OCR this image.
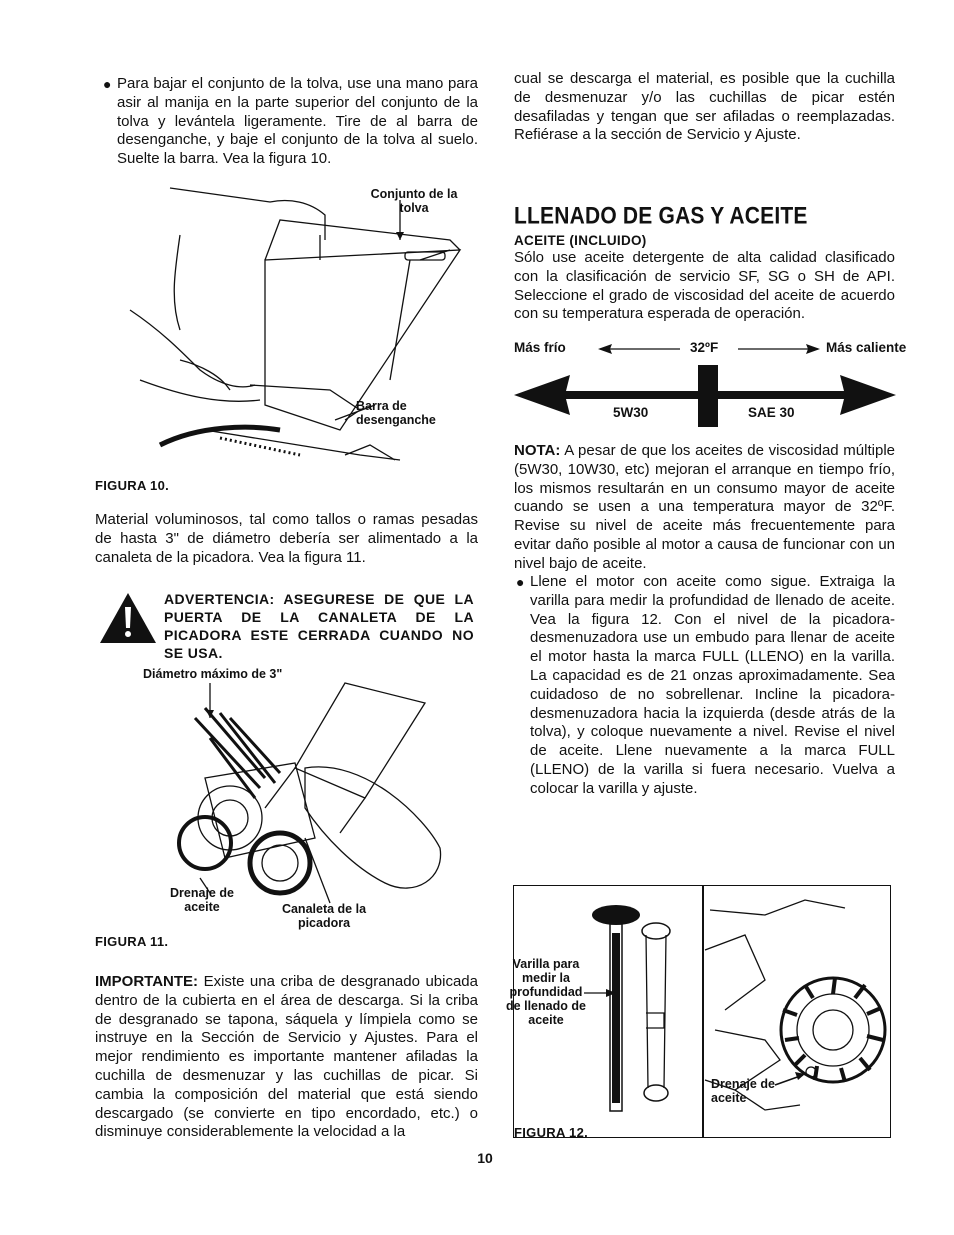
● Para bajar el conjunto de la tolva, use una mano para asir al manija en la parte superior del conjunto de la tolva y levántela ligeramente. Tire de al barra de desenganche, y baje el conjunto de la tolva al suelo. Suelte la barra. Vea la figura 10.
Conjunto de la tolva
Barra de desenganche
FIGURA 10.
Material voluminosos, tal como tallos o ramas pesadas de hasta 3" de diámetro debería ser alimentado a la canaleta de la picadora. Vea la figura 11.
ADVERTENCIA: ASEGURESE DE QUE LA PUERTA DE LA CANALETA DE LA PICADORA ESTE CERRADA CUANDO NO SE USA.
Diámetro máximo de 3"
Drenaje de aceite	Canaleta de la picadora
FIGURA 11.
IMPORTANTE: Existe una criba de desgranado ubicada dentro de la cubierta en el área de descarga. Si la criba de desgranado se tapona, sáquela y límpiela como se instruye en la Sección de Servicio y Ajustes. Para el mejor rendimiento es importante mantener afiladas la cuchilla de desmenuzar y las cuchillas de picar. Si cambia la composición del material que está siendo descargado (se convierte en tipo encordado, etc.) o disminuye considerablemente la velocidad a la
cual se descarga el material, es posible que la cuchilla de desmenuzar y/o las cuchillas de picar estén desafiladas y tengan que ser afiladas o reemplazadas. Refiérase a la sección de Servicio y Ajuste.
LLENADO DE GAS Y ACEITE
ACEITE (INCLUIDO)
Sólo use aceite detergente de alta calidad clasificado con la clasificación de servicio SF, SG o SH de API. Seleccione el grado de viscosidad del aceite de acuerdo con su temperatura esperada de operación.
Más frío	32ºF	Más caliente
5W30	SAE 30
NOTA: A pesar de que los aceites de viscosidad múltiple (5W30, 10W30, etc) mejoran el arranque en tiempo frío, los mismos resultarán en un consumo mayor de aceite cuando se usen a una temperatura mayor de 32ºF. Revise su nivel de aceite más frecuentemente para evitar daño posible al motor a causa de funcionar con un nivel bajo de aceite.
● Llene el motor con aceite como sigue. Extraiga la varilla para medir la profundidad de llenado de aceite. Vea la figura 12. Con el nivel de la picadora-desmenuzadora use un embudo para llenar de aceite el motor hasta la marca FULL (LLENO) en la varilla. La capacidad es de 21 onzas aproximadamente. Sea cuidadoso de no sobrellenar. Incline la picadora-desmenuzadora hacia la izquierda (desde atrás de la tolva), y coloque nuevamente a nivel. Revise el nivel de aceite. Llene nuevamente a la marca FULL (LLENO) de la varilla si fuera necesario. Vuelva a colocar la varilla y ajuste.
Varilla para medir la profundidad de llenado de aceite
Drenaje de aceite
FIGURA 12.
10
